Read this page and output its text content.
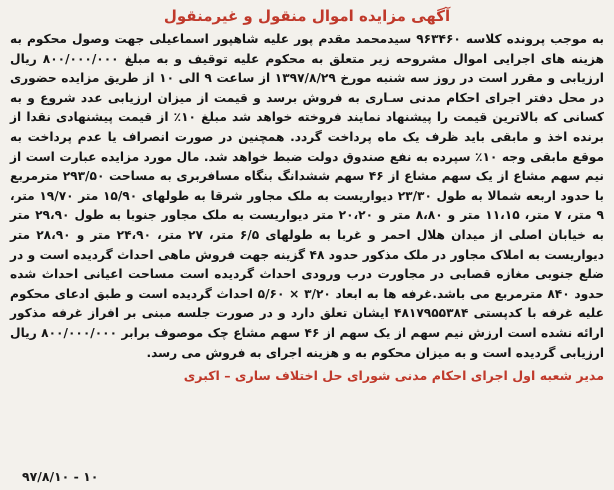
آگهی مزایده اموال منقول و غیرمنقول
به موجب پرونده کلاسه ۹۶۳۴۶۰ سیدمحمد مقدم پور علیه شاهپور اسماعیلی جهت وصول محکوم به هزینه های اجرایی اموال مشروحه زیر متعلق به محکوم علیه توقیف و به مبلغ ۸۰۰/۰۰۰/۰۰۰ ریال ارزیابی و مقرر است در روز سه شنبه مورخ ۱۳۹۷/۸/۲۹ از ساعت ۹ الی ۱۰ از طریق مزایده حضوری در محل دفتر اجرای احکام مدنی سـاری به فروش برسد و قیمت از میزان ارزیابی عدد شروع و به کسانی که بالاترین قیمت را پیشنهاد نمایند فروخته خواهد شد مبلغ ۱۰٪ از قیمت پیشنهادی نقدا از برنده اخذ و مابقی باید ظرف یک ماه پرداخت گردد. همچنین در صورت انصراف یا عدم پرداخت به موقع مابقی وجه ۱۰٪ سپرده به نفع صندوق دولت ضبط خواهد شد. مال مورد مزایده عبارت است از نیم سهم مشاع از یک سهم مشاع از ۴۶ سهم ششدانگ بنگاه مسافربری به مساحت ۲۹۳/۵۰ مترمربع با حدود اربعه شمالا به طول ۲۳/۳۰ دیواریست به ملک مجاور شرقا به طولهای ۱۵/۹۰ متر ۱۹/۷۰ متر، ۹ متر، ۷ متر، ۱۱،۱۵ متر و ۸،۸۰ متر و ۲۰،۲۰ متر دیواریست به ملک مجاور جنوبا به طول ۲۹،۹۰ متر به خیابان اصلی از میدان هلال احمر و غربا به طولهای ۶/۵ متر، ۲۷ متر، ۲۴،۹۰ متر و ۲۸،۹۰ متر دیواریست به املاک مجاور در ملک مذکور حدود ۴۸ گزینه جهت فروش ماهی احداث گردیده است و در ضلع جنوبی مغازه قصابی در مجاورت درب ورودی احداث گردیده است مساحت اعیانی احداث شده حدود ۸۴۰ مترمربع می باشد.غرفه ها به ابعاد ۳/۲۰ × ۵/۶۰ احداث گردیده است و طبق ادعای محکوم علیه غرفه با کدپستی ۴۸۱۷۹۵۵۳۸۴ ایشان تعلق دارد و در صورت جلسه مبنی بر افراز غرفه مذکور ارائه نشده است ارزش نیم سهم از یک سهم از ۴۶ سهم مشاع چک موصوف برابر ۸۰۰/۰۰۰/۰۰۰ ریال ارزیابی گردیده است و به میزان محکوم به و هزینه اجرای به فروش می رسد.
مدیر شعبه اول اجرای احکام مدنی شورای حل اختلاف ساری – اکبری
۹۷/۸/۱۰ - ۱۰
